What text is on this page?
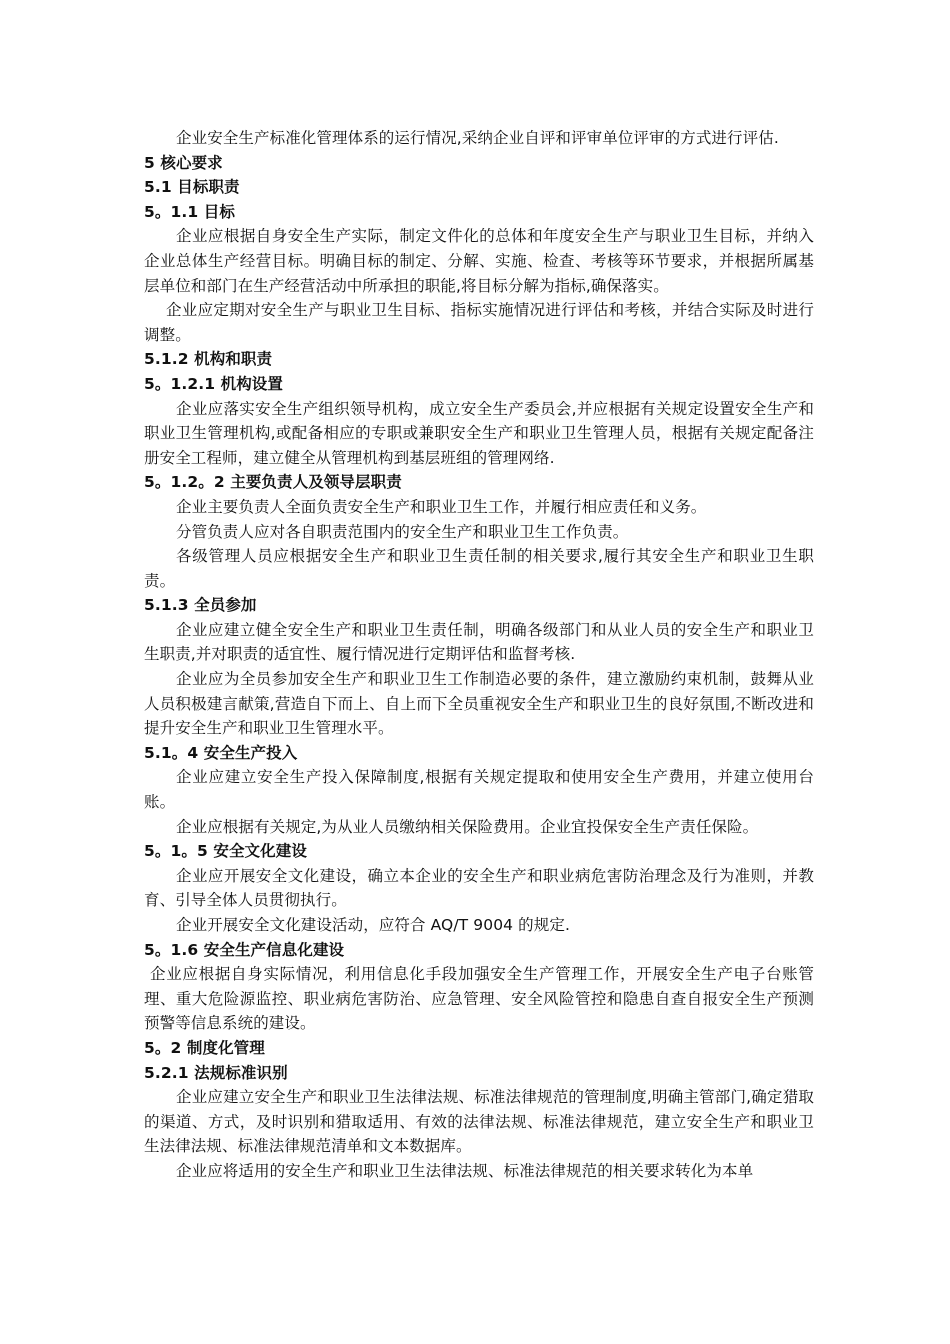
企业安全生产标准化管理体系的运行情况,采纳企业自评和评审单位评审的方式进行评估.

5 核心要求
5.1 目标职责
5。1.1 目标

企业应根据自身安全生产实际，制定文件化的总体和年度安全生产与职业卫生目标，并纳入企业总体生产经营目标。明确目标的制定、分解、实施、检查、考核等环节要求，并根据所属基层单位和部门在生产经营活动中所承担的职能,将目标分解为指标,确保落实。

企业应定期对安全生产与职业卫生目标、指标实施情况进行评估和考核，并结合实际及时进行调整。

5.1.2 机构和职责
5。1.2.1 机构设置

企业应落实安全生产组织领导机构，成立安全生产委员会,并应根据有关规定设置安全生产和职业卫生管理机构,或配备相应的专职或兼职安全生产和职业卫生管理人员，根据有关规定配备注册安全工程师，建立健全从管理机构到基层班组的管理网络.

5。1.2。2 主要负责人及领导层职责

企业主要负责人全面负责安全生产和职业卫生工作，并履行相应责任和义务。

分管负责人应对各自职责范围内的安全生产和职业卫生工作负责。

各级管理人员应根据安全生产和职业卫生责任制的相关要求,履行其安全生产和职业卫生职责。

5.1.3 全员参加

企业应建立健全安全生产和职业卫生责任制，明确各级部门和从业人员的安全生产和职业卫生职责,并对职责的适宜性、履行情况进行定期评估和监督考核.

企业应为全员参加安全生产和职业卫生工作制造必要的条件，建立激励约束机制，鼓舞从业人员积极建言献策,营造自下而上、自上而下全员重视安全生产和职业卫生的良好氛围,不断改进和提升安全生产和职业卫生管理水平。

5.1。4 安全生产投入

企业应建立安全生产投入保障制度,根据有关规定提取和使用安全生产费用，并建立使用台账。

企业应根据有关规定,为从业人员缴纳相关保险费用。企业宜投保安全生产责任保险。

5。1。5 安全文化建设

企业应开展安全文化建设，确立本企业的安全生产和职业病危害防治理念及行为准则，并教育、引导全体人员贯彻执行。

企业开展安全文化建设活动，应符合 AQ/T 9004 的规定.

5。1.6 安全生产信息化建设

企业应根据自身实际情况，利用信息化手段加强安全生产管理工作，开展安全生产电子台账管理、重大危险源监控、职业病危害防治、应急管理、安全风险管控和隐患自查自报安全生产预测预警等信息系统的建设。

5。2 制度化管理
5.2.1 法规标准识别

企业应建立安全生产和职业卫生法律法规、标准法律规范的管理制度,明确主管部门,确定猎取的渠道、方式，及时识别和猎取适用、有效的法律法规、标准法律规范，建立安全生产和职业卫生法律法规、标准法律规范清单和文本数据库。

企业应将适用的安全生产和职业卫生法律法规、标准法律规范的相关要求转化为本单
